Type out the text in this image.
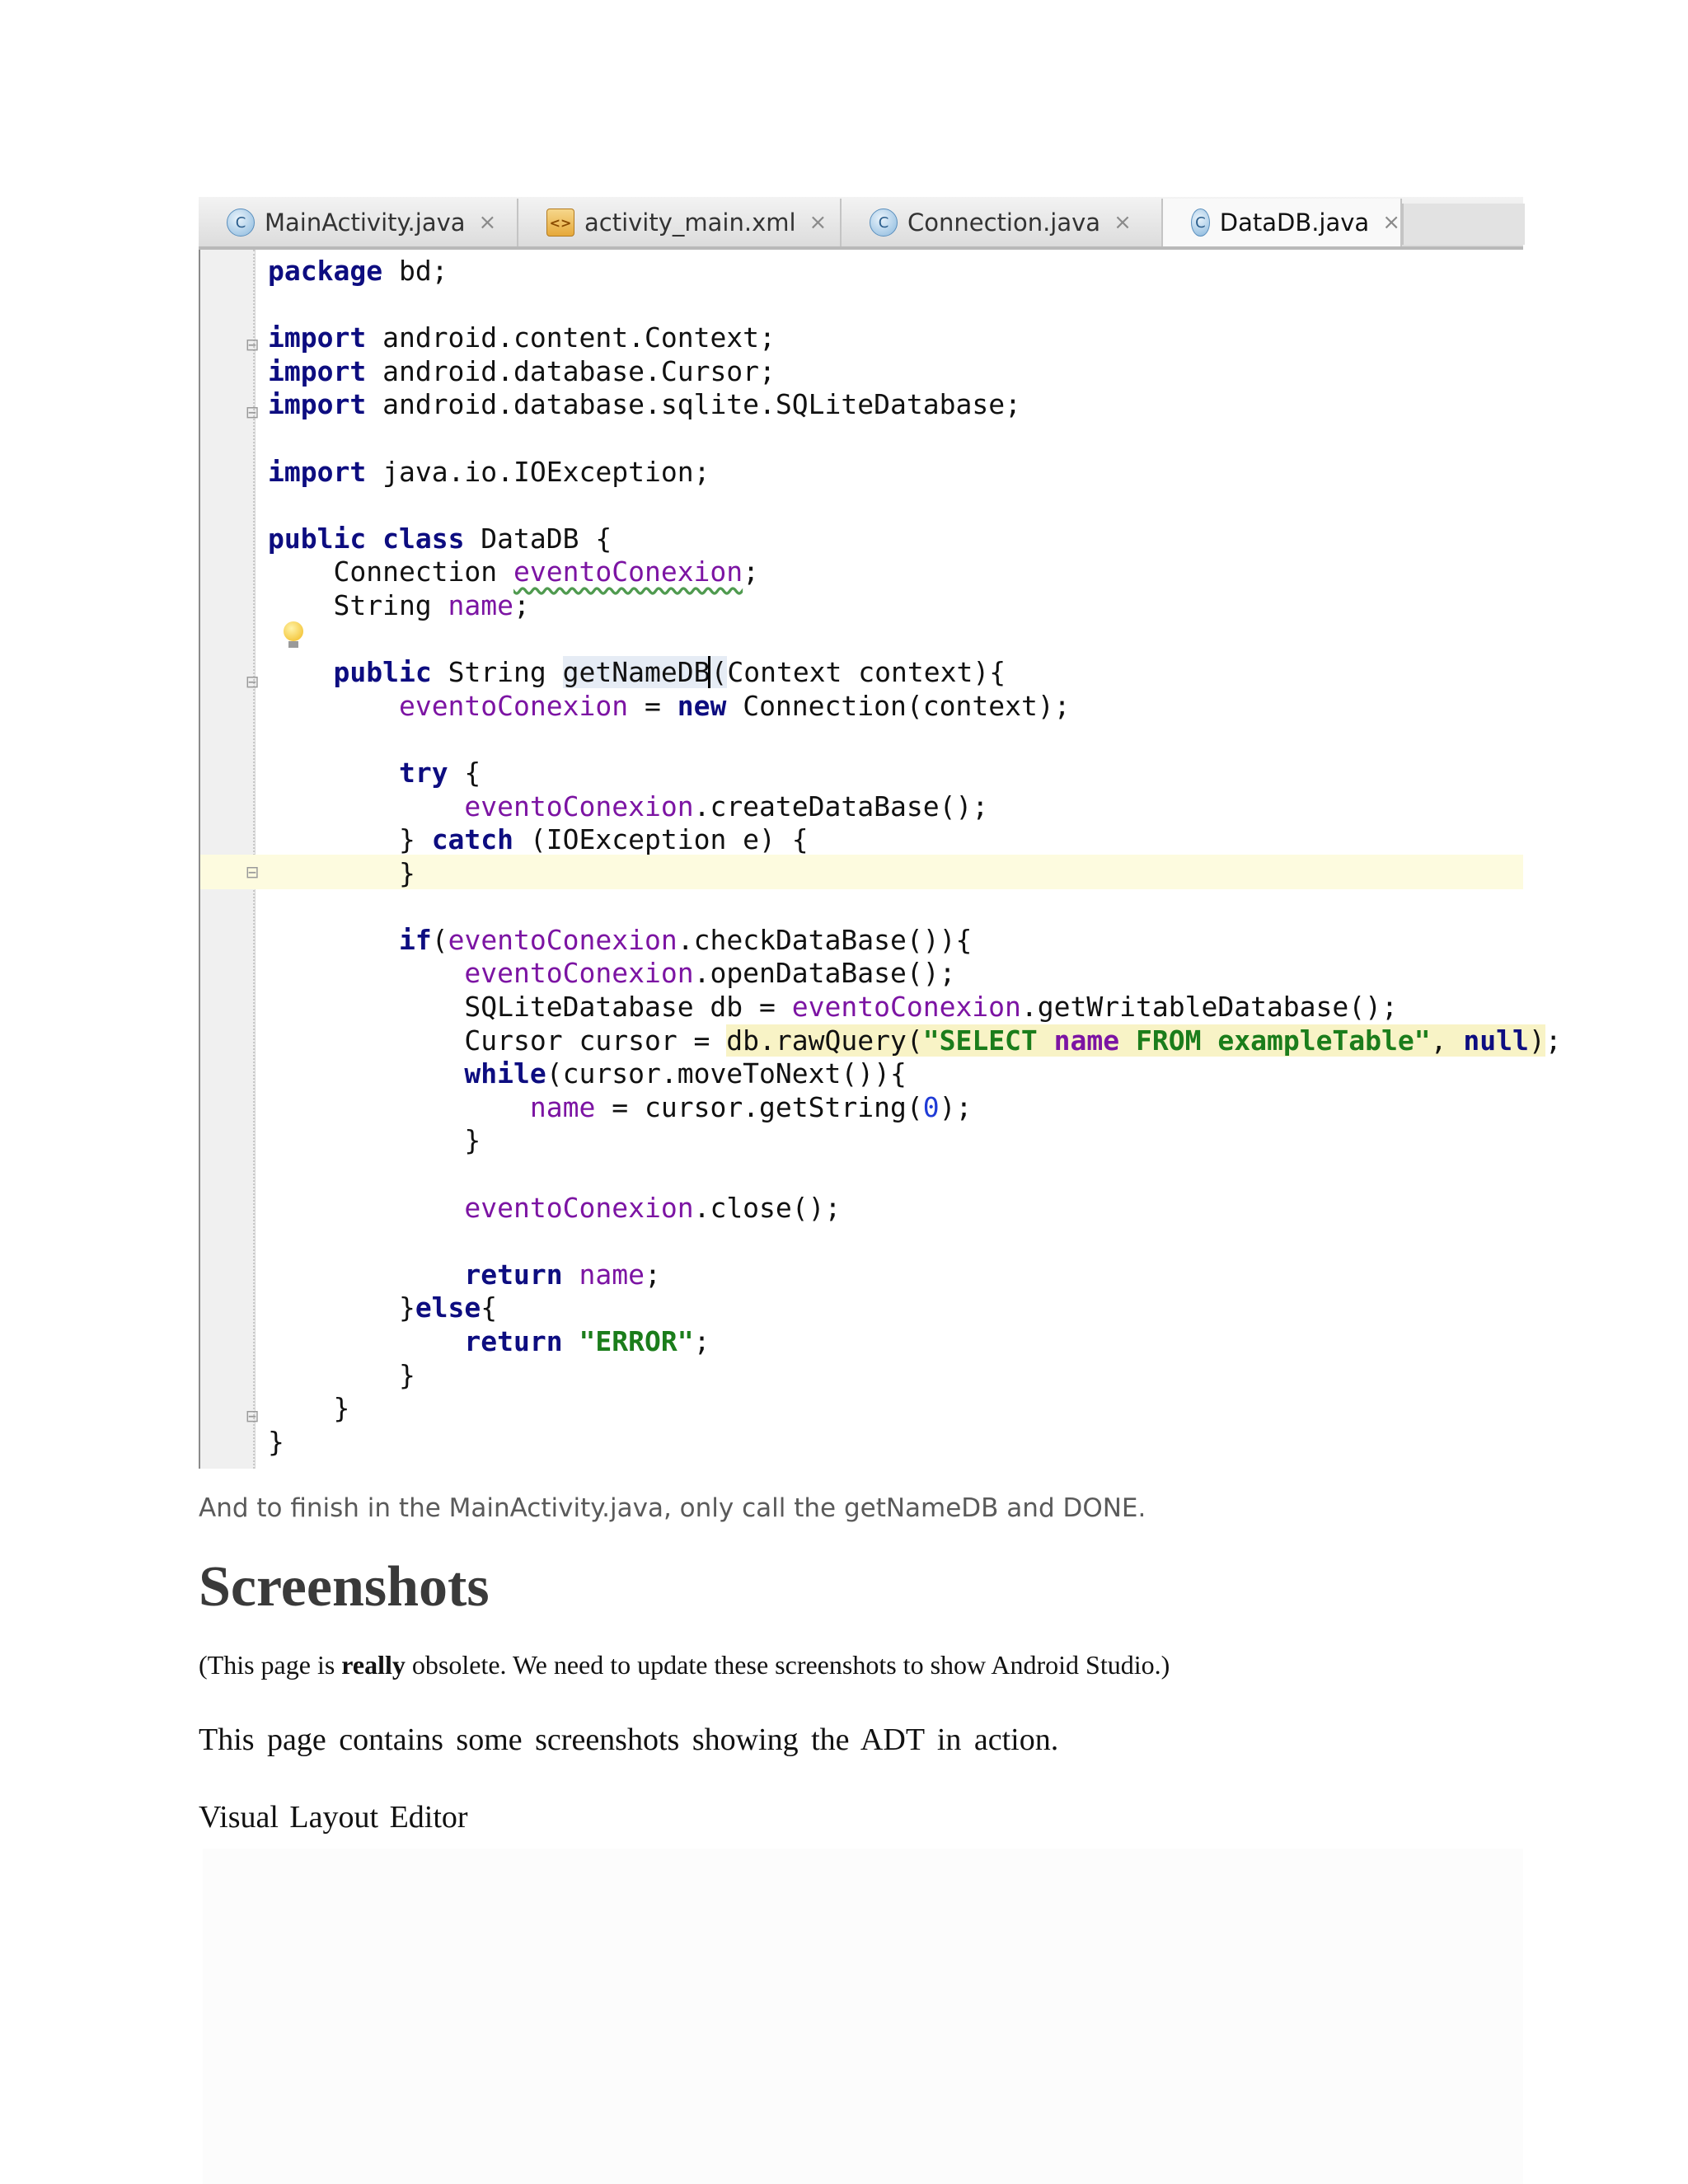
C MainActivity.java ×	<> activity_main.xml ×	C Connection.java ×	C DataDB.java ×
⊟
⊟
⊟
⊟
⊟
package bd;

import android.content.Context;
import android.database.Cursor;
import android.database.sqlite.SQLiteDatabase;

import java.io.IOException;

public class DataDB {
Connection eventoConexion;
String name;

public String getNameDB(Context context){
eventoConexion = new Connection(context);

try {
eventoConexion.createDataBase();
} catch (IOException e) {
}

if(eventoConexion.checkDataBase()){
eventoConexion.openDataBase();
SQLiteDatabase db = eventoConexion.getWritableDatabase();
Cursor cursor = db.rawQuery("SELECT name FROM exampleTable", null);
while(cursor.moveToNext()){
name = cursor.getString(0);
}

eventoConexion.close();

return name;
}else{
return "ERROR";
}
}
}

And to finish in the MainActivity.java, only call the getNameDB and DONE.

Screenshots

(This page is really obsolete. We need to update these screenshots to show Android Studio.)

This page contains some screenshots showing the ADT in action.

Visual Layout Editor
